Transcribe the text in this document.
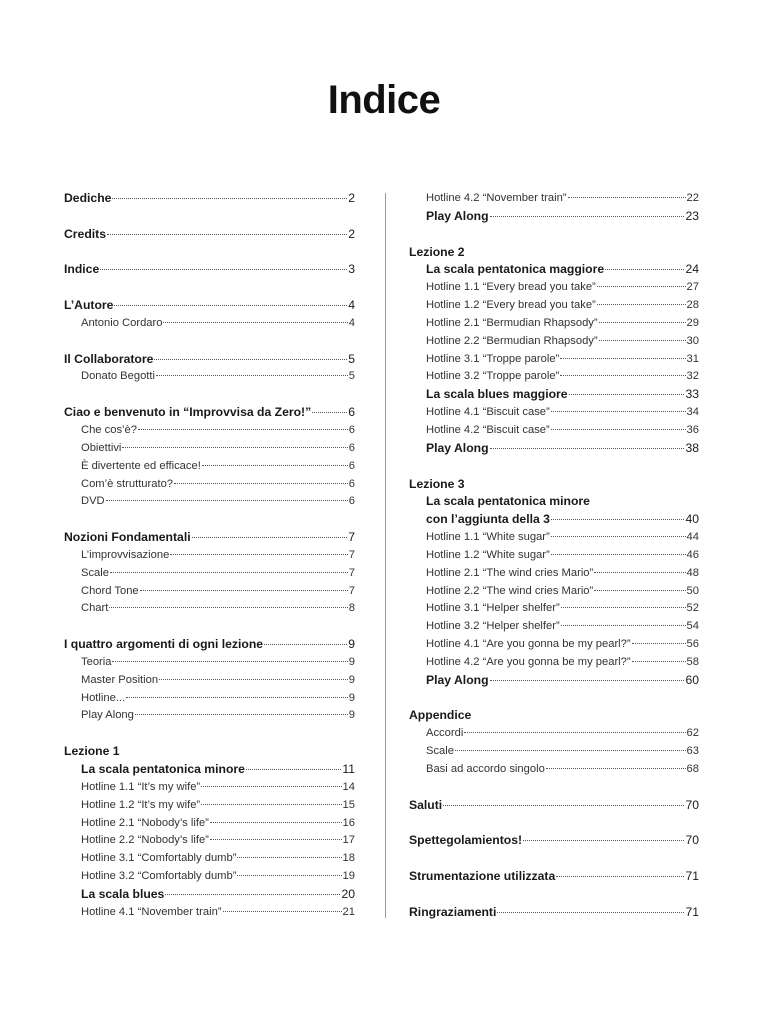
Indice
Dediche	2
Credits	2
Indice	3
L’Autore	4
Antonio Cordaro	4
Il Collaboratore	5
Donato Begotti	5
Ciao e benvenuto in “Improvvisa da Zero!”	6
Che cos’è?	6
Obiettivi	6
È divertente ed efficace!	6
Com’è strutturato?	6
DVD	6
Nozioni Fondamentali	7
L’improvvisazione	7
Scale	7
Chord Tone	7
Chart	8
I quattro argomenti di ogni lezione	9
Teoria	9
Master Position	9
Hotline...	9
Play Along	9
Lezione 1
La scala pentatonica minore	11
Hotline 1.1 “It’s my wife”	14
Hotline 1.2 “It’s my wife”	15
Hotline 2.1 “Nobody’s life”	16
Hotline 2.2 “Nobody’s life”	17
Hotline 3.1 “Comfortably dumb”	18
Hotline 3.2 “Comfortably dumb”	19
La scala blues	20
Hotline 4.1 “November train”	21
Hotline 4.2 “November train”	22
Play Along	23
Lezione 2
La scala pentatonica maggiore	24
Hotline 1.1 “Every bread you take”	27
Hotline 1.2 “Every bread you take”	28
Hotline 2.1 “Bermudian Rhapsody”	29
Hotline 2.2 “Bermudian Rhapsody”	30
Hotline 3.1 “Troppe parole”	31
Hotline 3.2 “Troppe parole”	32
La scala blues maggiore	33
Hotline 4.1 “Biscuit case”	34
Hotline 4.2 “Biscuit case”	36
Play Along	38
Lezione 3
La scala pentatonica minore
con l’aggiunta della 3	40
Hotline 1.1 “White sugar”	44
Hotline 1.2 “White sugar”	46
Hotline 2.1 “The wind cries Mario”	48
Hotline 2.2 “The wind cries Mario”	50
Hotline 3.1 “Helper shelfer”	52
Hotline 3.2 “Helper shelfer”	54
Hotline 4.1 “Are you gonna be my pearl?”	56
Hotline 4.2 “Are you gonna be my pearl?”	58
Play Along	60
Appendice
Accordi	62
Scale	63
Basi ad accordo singolo	68
Saluti	70
Spettegolamientos!	70
Strumentazione utilizzata	71
Ringraziamenti	71
